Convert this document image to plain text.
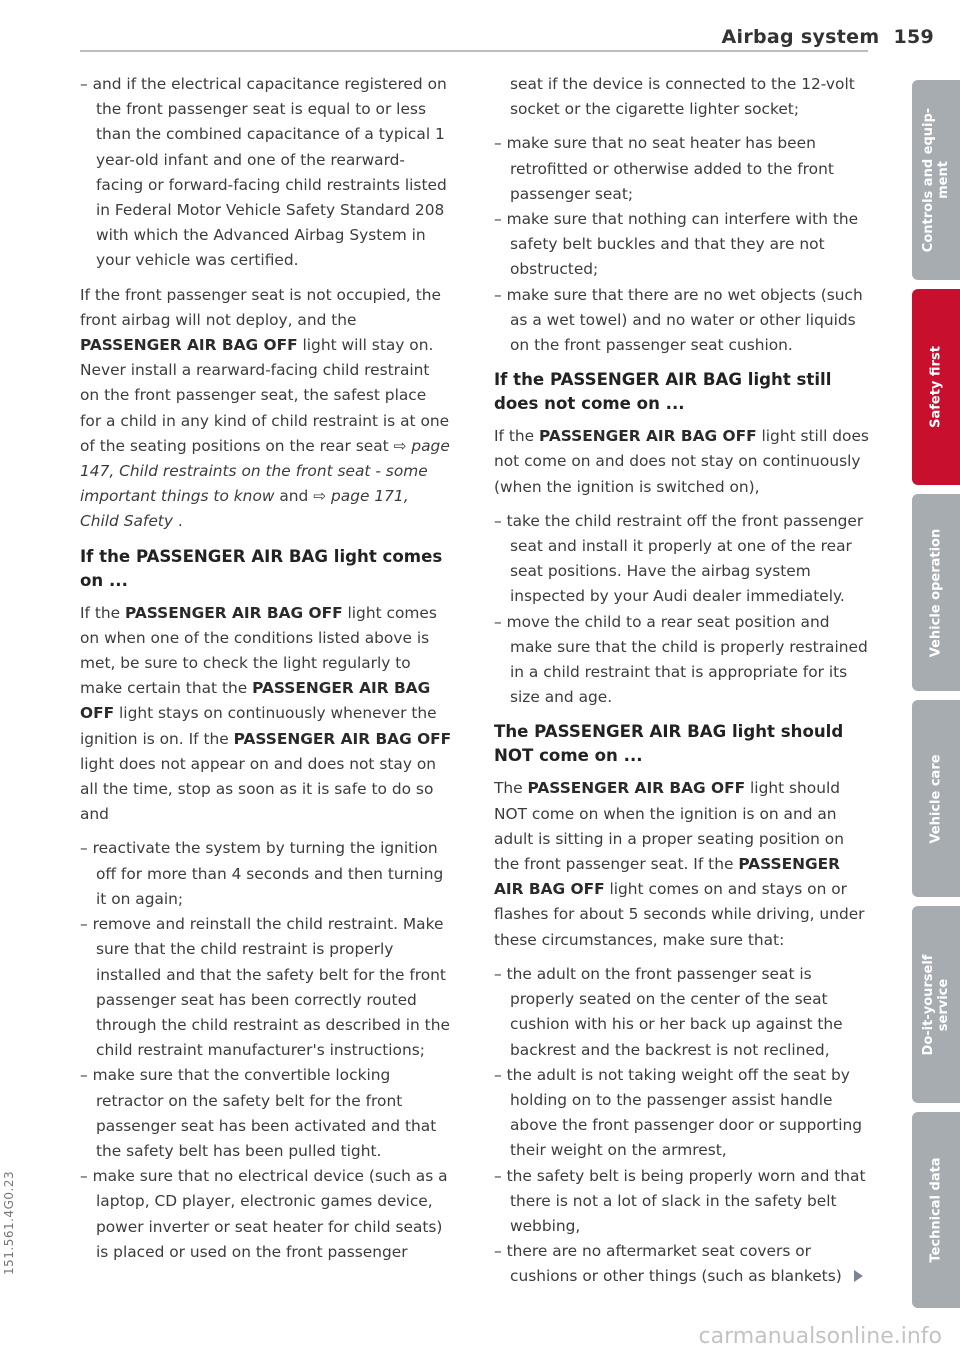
Airbag system 159
– and if the electrical capacitance registered on the front passenger seat is equal to or less than the combined capacitance of a typical 1 year-old infant and one of the rearward-facing or forward-facing child restraints listed in Federal Motor Vehicle Safety Standard 208 with which the Advanced Airbag System in your vehicle was certified.

If the front passenger seat is not occupied, the front airbag will not deploy, and the PASSENGER AIR BAG OFF light will stay on. Never install a rearward-facing child restraint on the front passenger seat, the safest place for a child in any kind of child restraint is at one of the seating positions on the rear seat ⇨ page 147, Child restraints on the front seat - some important things to know and ⇨ page 171, Child Safety .

If the PASSENGER AIR BAG light comes on ...

If the PASSENGER AIR BAG OFF light comes on when one of the conditions listed above is met, be sure to check the light regularly to make certain that the PASSENGER AIR BAG OFF light stays on continuously whenever the ignition is on. If the PASSENGER AIR BAG OFF light does not appear on and does not stay on all the time, stop as soon as it is safe to do so and

– reactivate the system by turning the ignition off for more than 4 seconds and then turning it on again;
– remove and reinstall the child restraint. Make sure that the child restraint is properly installed and that the safety belt for the front passenger seat has been correctly routed through the child restraint as described in the child restraint manufacturer's instructions;
– make sure that the convertible locking retractor on the safety belt for the front passenger seat has been activated and that the safety belt has been pulled tight.
– make sure that no electrical device (such as a laptop, CD player, electronic games device, power inverter or seat heater for child seats) is placed or used on the front passenger

seat if the device is connected to the 12-volt socket or the cigarette lighter socket;

– make sure that no seat heater has been retrofitted or otherwise added to the front passenger seat;
– make sure that nothing can interfere with the safety belt buckles and that they are not obstructed;
– make sure that there are no wet objects (such as a wet towel) and no water or other liquids on the front passenger seat cushion.
If the PASSENGER AIR BAG light still does not come on ...

If the PASSENGER AIR BAG OFF light still does not come on and does not stay on continuously (when the ignition is switched on),

– take the child restraint off the front passenger seat and install it properly at one of the rear seat positions. Have the airbag system inspected by your Audi dealer immediately.
– move the child to a rear seat position and make sure that the child is properly restrained in a child restraint that is appropriate for its size and age.
The PASSENGER AIR BAG light should NOT come on ...

The PASSENGER AIR BAG OFF light should NOT come on when the ignition is on and an adult is sitting in a proper seating position on the front passenger seat. If the PASSENGER AIR BAG OFF light comes on and stays on or flashes for about 5 seconds while driving, under these circumstances, make sure that:

– the adult on the front passenger seat is properly seated on the center of the seat cushion with his or her back up against the backrest and the backrest is not reclined,
– the adult is not taking weight off the seat by holding on to the passenger assist handle above the front passenger door or supporting their weight on the armrest,
– the safety belt is being properly worn and that there is not a lot of slack in the safety belt webbing,
– there are no aftermarket seat covers or cushions or other things (such as blankets)
Controls and equip-
ment
Safety first
Vehicle operation
Vehicle care
Do-it-yourself
service
Technical data
151.561.4G0.23
carmanualsonline.info
